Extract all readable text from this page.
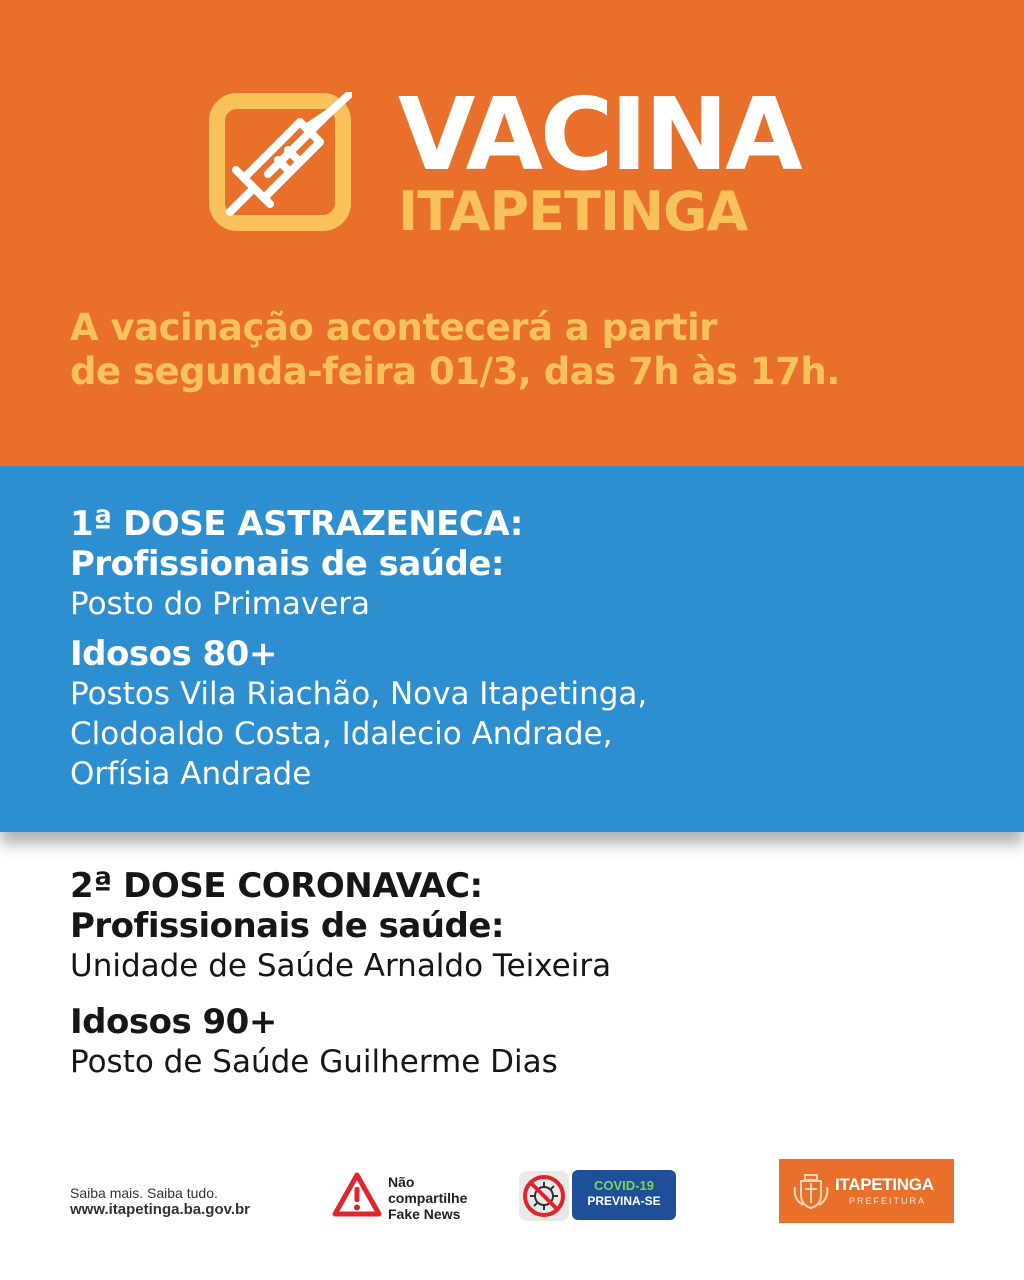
VACINA
ITAPETINGA

A vacinação acontecerá a partir
de segunda-feira 01/3, das 7h às 17h.

1ª DOSE ASTRAZENECA:

Profissionais de saúde:

Posto do Primavera

Idosos 80+

Postos Vila Riachão, Nova Itapetinga,
Clodoaldo Costa, Idalecio Andrade,
Orfísia Andrade

2ª DOSE CORONAVAC:

Profissionais de saúde:

Unidade de Saúde Arnaldo Teixeira

Idosos 90+

Posto de Saúde Guilherme Dias

Saiba mais. Saiba tudo.

www.itapetinga.ba.gov.br

Não
compartilhe
Fake News

COVID-19
PREVINA-SE

ITAPETINGA

PREFEITURA
